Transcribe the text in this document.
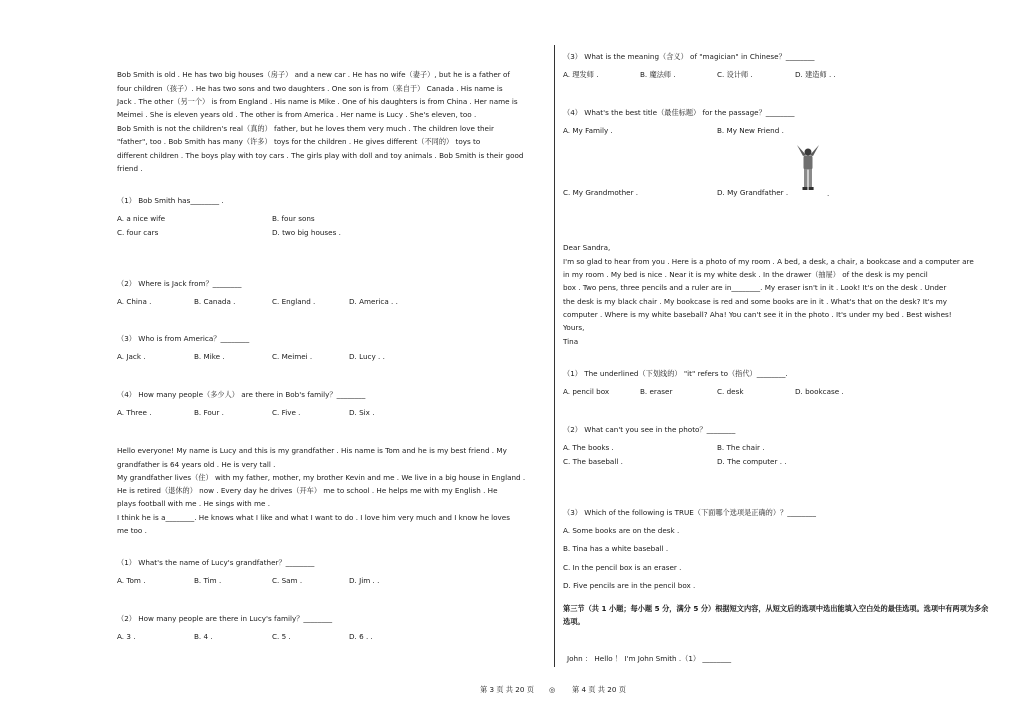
Bob Smith is old . He has two big houses（房子） and a new car . He has no wife（妻子）, but he is a father of
four children（孩子）. He has two sons and two daughters . One son is from（来自于） Canada . His name is
Jack . The other（另一个） is from England . His name is Mike . One of his daughters is from China . Her name is
Meimei . She is eleven years old . The other is from America . Her name is Lucy . She's eleven, too .
Bob Smith is not the children's real（真的） father, but he loves them very much . The children love their
"father", too . Bob Smith has many（许多） toys for the children . He gives different（不同的） toys to
different children . The boys play with toy cars . The girls play with doll and toy animals . Bob Smith is their good
friend .
（1） Bob Smith has________ .
A. a nice wife	B. four sons
C. four cars	D. two big houses .
（2） Where is Jack from？________
A. China .	B. Canada .	C. England .	D. America . .
（3） Who is from America？________
A. Jack .	B. Mike .	C. Meimei .	D. Lucy . .
（4） How many people（多少人） are there in Bob's family？________
A. Three .	B. Four .	C. Five .	D. Six .
Hello everyone! My name is Lucy and this is my grandfather . His name is Tom and he is my best friend . My
grandfather is 64 years old . He is very tall .
My grandfather lives（住） with my father, mother, my brother Kevin and me . We live in a big house in England .
He is retired（退休的） now . Every day he drives（开车） me to school . He helps me with my English . He
plays football with me . He sings with me .
I think he is a________. He knows what I like and what I want to do . I love him very much and I know he loves
me too .
（1） What's the name of Lucy's grandfather？________
A. Tom .	B. Tim .	C. Sam .	D. Jim . .
（2） How many people are there in Lucy's family？________
A. 3 .	B. 4 .	C. 5 .	D. 6 . .
（3） What is the meaning（含义） of "magician" in Chinese？________
A. 理发师 .	B. 魔法师 .	C. 设计师 .	D. 建造师 . .
（4） What's the best title（最佳标题） for the passage？________
A. My Family .	B. My New Friend .
C. My Grandmother .	D. My Grandfather .	.
Dear Sandra,
I'm so glad to hear from you . Here is a photo of my room . A bed, a desk, a chair, a bookcase and a computer are
in my room . My bed is nice . Near it is my white desk . In the drawer（抽屉） of the desk is my pencil
box . Two pens, three pencils and a ruler are in________. My eraser isn't in it . Look! It's on the desk . Under
the desk is my black chair . My bookcase is red and some books are in it . What's that on the desk? It's my
computer . Where is my white baseball? Aha! You can't see it in the photo . It's under my bed . Best wishes!
Yours,
Tina
（1） The underlined（下划线的） "it" refers to（指代）________.
A. pencil box	B. eraser	C. desk	D. bookcase .
（2） What can't you see in the photo？________
A. The books .	B. The chair .
C. The baseball .	D. The computer . .
（3） Which of the following is TRUE（下面哪个选项是正确的）？________
A. Some books are on the desk .
B. Tina has a white baseball .
C. In the pencil box is an eraser .
D. Five pencils are in the pencil box .
第三节（共 1 小题；每小题 5 分，满分 5 分）根据短文内容，从短文后的选项中选出能填入空白处的最佳选项。选项中有两项为多余选项。
John ： Hello ！ I'm John Smith .（1） ________
第 3 页 共 20 页 ◎ 第 4 页 共 20 页
